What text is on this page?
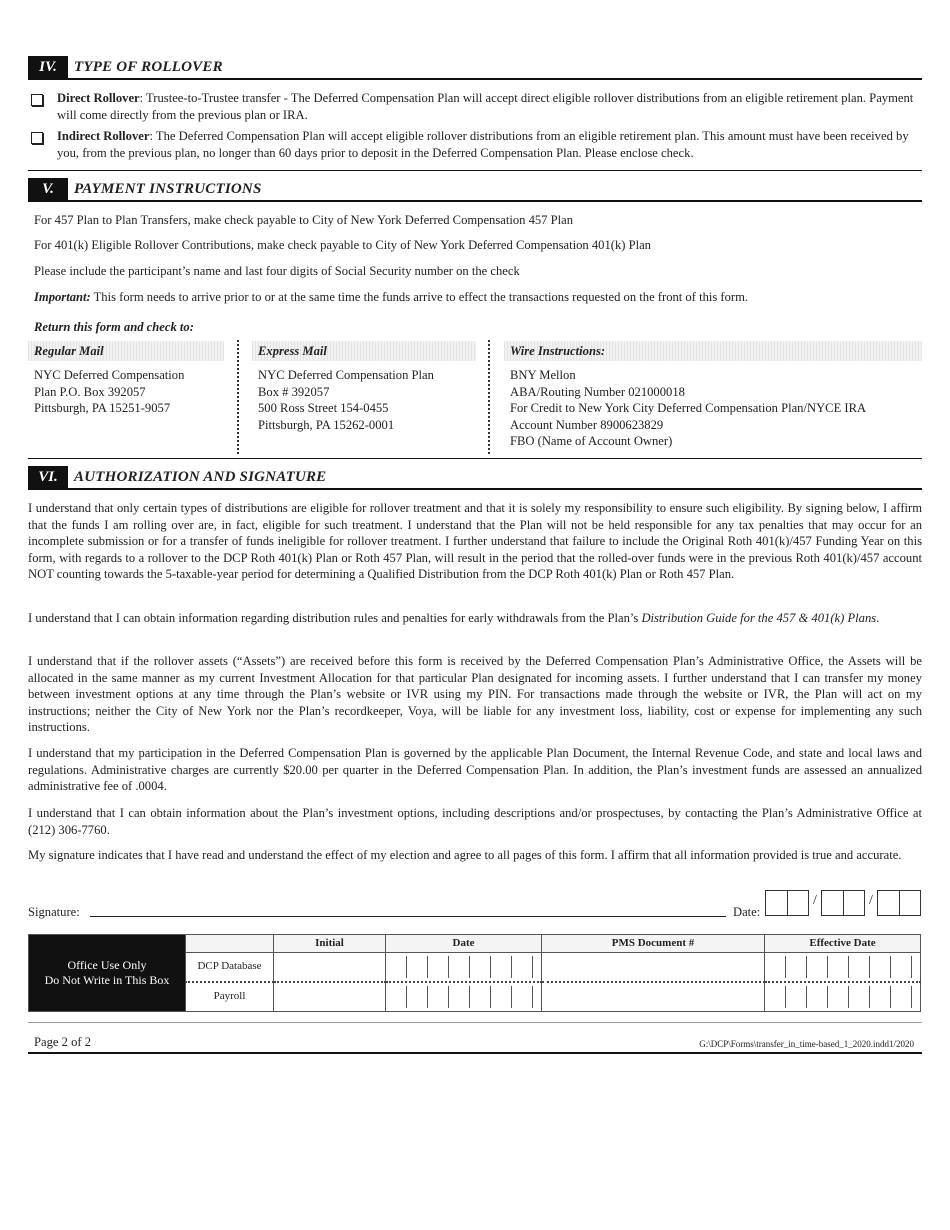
IV.	TYPE OF ROLLOVER
Direct Rollover: Trustee-to-Trustee transfer - The Deferred Compensation Plan will accept direct eligible rollover distributions from an eligible retirement plan. Payment will come directly from the previous plan or IRA.
Indirect Rollover: The Deferred Compensation Plan will accept eligible rollover distributions from an eligible retirement plan. This amount must have been received by you, from the previous plan, no longer than 60 days prior to deposit in the Deferred Compensation Plan. Please enclose check.
V.	PAYMENT INSTRUCTIONS
For 457 Plan to Plan Transfers, make check payable to City of New York Deferred Compensation 457 Plan
For 401(k) Eligible Rollover Contributions, make check payable to City of New York Deferred Compensation 401(k) Plan
Please include the participant’s name and last four digits of Social Security number on the check
Important: This form needs to arrive prior to or at the same time the funds arrive to effect the transactions requested on the front of this form.
Return this form and check to:
Regular Mail
NYC Deferred Compensation
Plan P.O. Box 392057
Pittsburgh, PA 15251-9057
Express Mail
NYC Deferred Compensation Plan
Box # 392057
500 Ross Street 154-0455
Pittsburgh, PA 15262-0001
Wire Instructions:
BNY Mellon
ABA/Routing Number 021000018
For Credit to New York City Deferred Compensation Plan/NYCE IRA
Account Number 8900623829
FBO (Name of Account Owner)
VI.	AUTHORIZATION AND SIGNATURE
I understand that only certain types of distributions are eligible for rollover treatment and that it is solely my responsibility to ensure such eligibility. By signing below, I affirm that the funds I am rolling over are, in fact, eligible for such treatment. I understand that the Plan will not be held responsible for any tax penalties that may occur for an incomplete submission or for a transfer of funds ineligible for rollover treatment. I further understand that failure to include the Original Roth 401(k)/457 Funding Year on this form, with regards to a rollover to the DCP Roth 401(k) Plan or Roth 457 Plan, will result in the period that the rolled-over funds were in the previous Roth 401(k)/457 account NOT counting towards the 5-taxable-year period for determining a Qualified Distribution from the DCP Roth 401(k) Plan or Roth 457 Plan.
I understand that I can obtain information regarding distribution rules and penalties for early withdrawals from the Plan’s Distribution Guide for the 457 & 401(k) Plans.
I understand that if the rollover assets (“Assets”) are received before this form is received by the Deferred Compensation Plan’s Administrative Office, the Assets will be allocated in the same manner as my current Investment Allocation for that particular Plan designated for incoming assets. I further understand that I can transfer my money between investment options at any time through the Plan’s website or IVR using my PIN. For transactions made through the website or IVR, the Plan will act on my instructions; neither the City of New York nor the Plan’s recordkeeper, Voya, will be liable for any investment loss, liability, cost or expense for implementing any such instructions.
I understand that my participation in the Deferred Compensation Plan is governed by the applicable Plan Document, the Internal Revenue Code, and state and local laws and regulations. Administrative charges are currently $20.00 per quarter in the Deferred Compensation Plan. In addition, the Plan’s investment funds are assessed an annualized administrative fee of .0004.
I understand that I can obtain information about the Plan’s investment options, including descriptions and/or prospectuses, by contacting the Plan’s Administrative Office at (212) 306-7760.
My signature indicates that I have read and understand the effect of my election and agree to all pages of this form. I affirm that all information provided is true and accurate.
Signature:	Date:
/	/
Office Use Only
Do Not Write in This Box		Initial	Date	PMS Document #	Effective Date
	DCP Database				
	Payroll				
Page 2 of 2	G:\DCP\Forms\transfer_in_time-based_1_2020.indd1/2020
